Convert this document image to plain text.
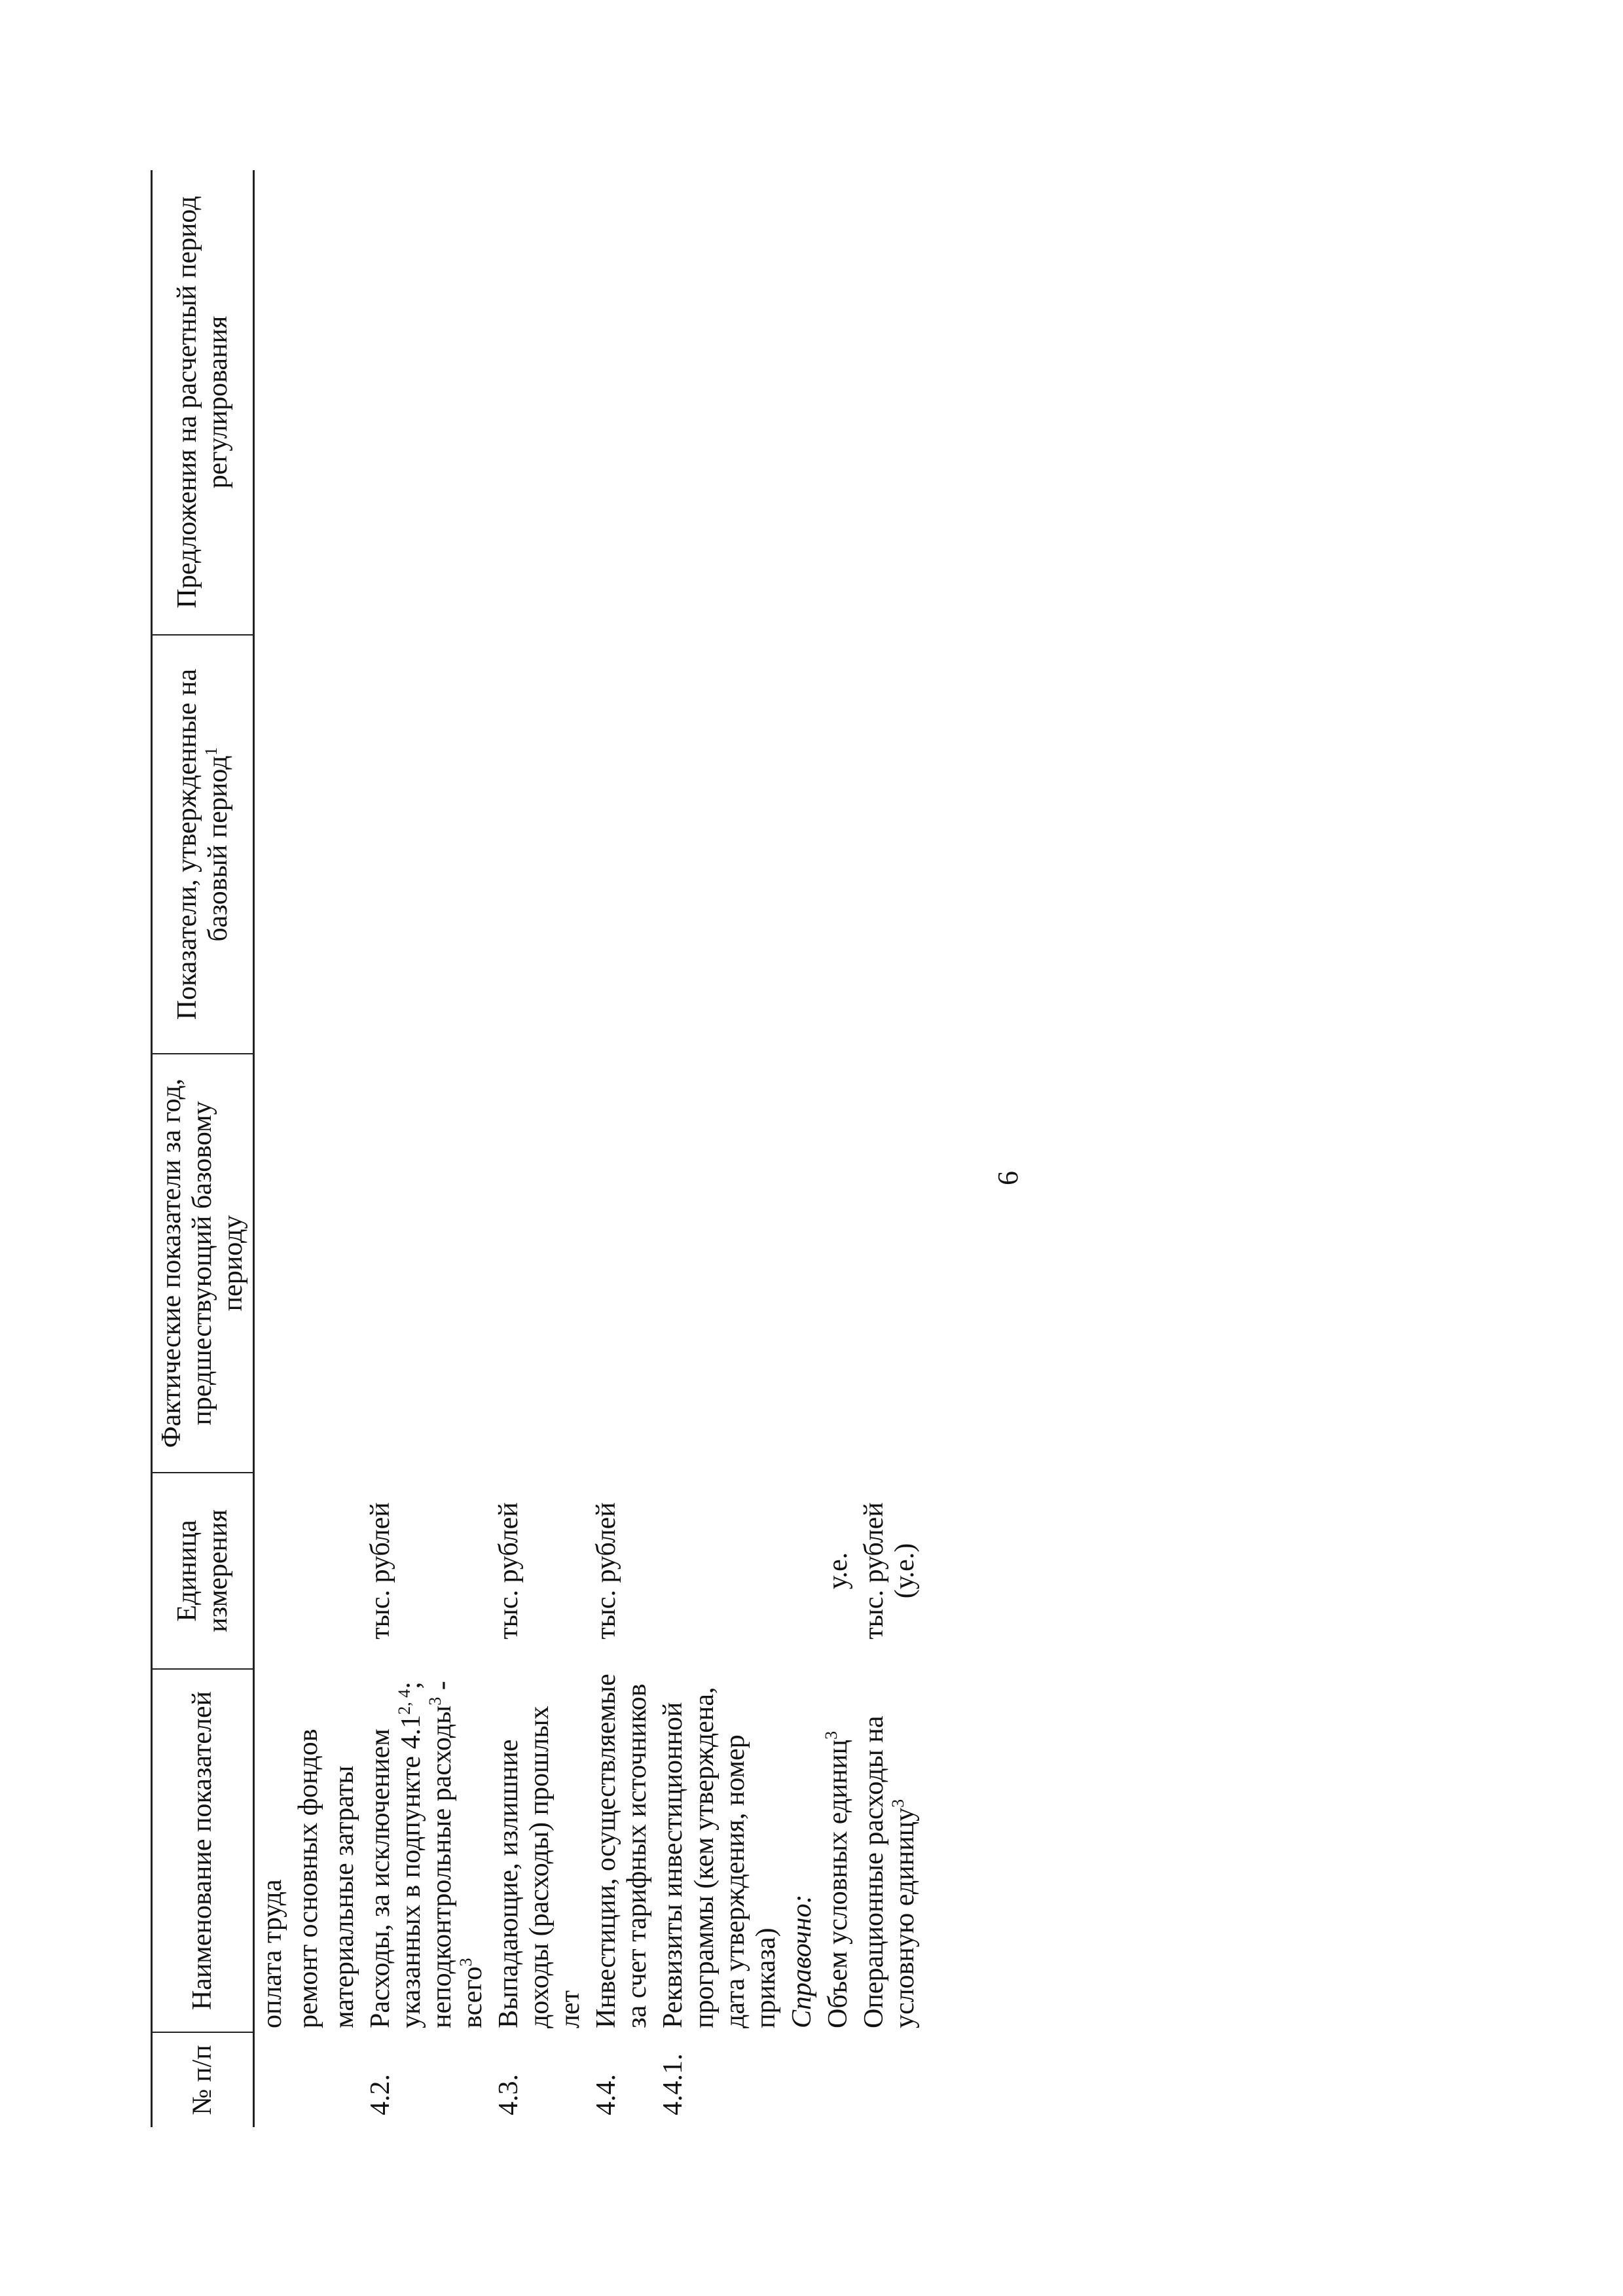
6
№ п/п	Наименование показателей	Единица измерения	Фактические показатели за год, предшествующий базовому периоду	Показатели, утвержденные на базовый период$^1$	Предложения на расчетный период регулирования
	оплата труда				
	ремонт основных фондов				
	материальные затраты				
4.2.	Расходы, за исключением указанных в подпункте 4.1$^{2, 4}$; неподконтрольные расходы$^3$ - всего$^3$	тыс. рублей			
4.3.	Выпадающие, излишние доходы (расходы) прошлых лет	тыс. рублей			
4.4.	Инвестиции, осуществляемые за счет тарифных источников	тыс. рублей			
4.4.1.	Реквизиты инвестиционной программы (кем утверждена, дата утверждения, номер приказа)				
	Справочно:				
	Объем условных единиц$^3$	у.е.			
	Операционные расходы на условную единицу$^3$	тыс. рублей (у.е.)			
